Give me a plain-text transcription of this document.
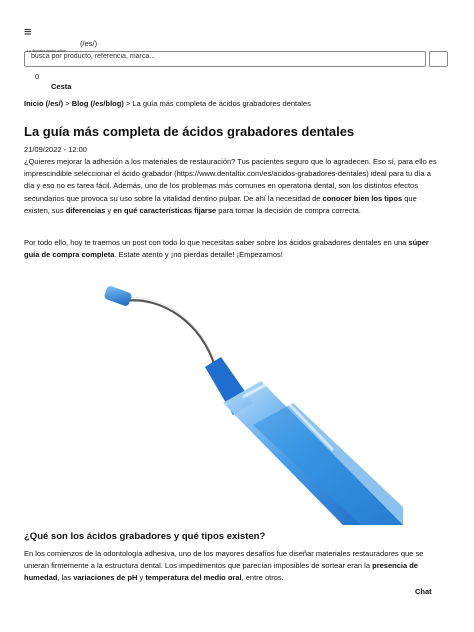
≡
(/es/)
La depósito dental online
busca por producto, referencia, marca...
0
Cesta
Inicio (/es/) > Blog (/es/blog) > La guía más completa de ácidos grabadores dentales
La guía más completa de ácidos grabadores dentales
21/09/2022 - 12:00

¿Quieres mejorar la adhesión a los materiales de restauración? Tus pacientes seguro que lo agradecen. Eso sí, para ello es imprescindible seleccionar el ácido grabador (https://www.dentaltix.com/es/acidos-grabadores-dentales) ideal para tu día a día y eso no es tarea fácil. Además, uno de los problemas más comunes en operatoria dental, son los distintos efectos secundarios que provoca su uso sobre la vitalidad dentino pulpar. De ahí la necesidad de conocer bien los tipos que existen, sus diferencias y en qué características fijarse para tomar la decisión de compra correcta.

Por todo ello, hoy te traemos un post con todo lo que necesitas saber sobre los ácidos grabadores dentales en una súper guía de compra completa. Estate atento y ¡no pierdas detalle! ¡Empezamos!

¿Qué son los ácidos grabadores y qué tipos existen?

En los comienzos de la odontología adhesiva, uno de los mayores desafíos fue diseñar materiales restauradores que se unieran firmemente a la estructura dental. Los impedimentos que parecían imposibles de sortear eran la presencia de humedad, las variaciones de pH y temperatura del medio oral, entre otros.

Chat
